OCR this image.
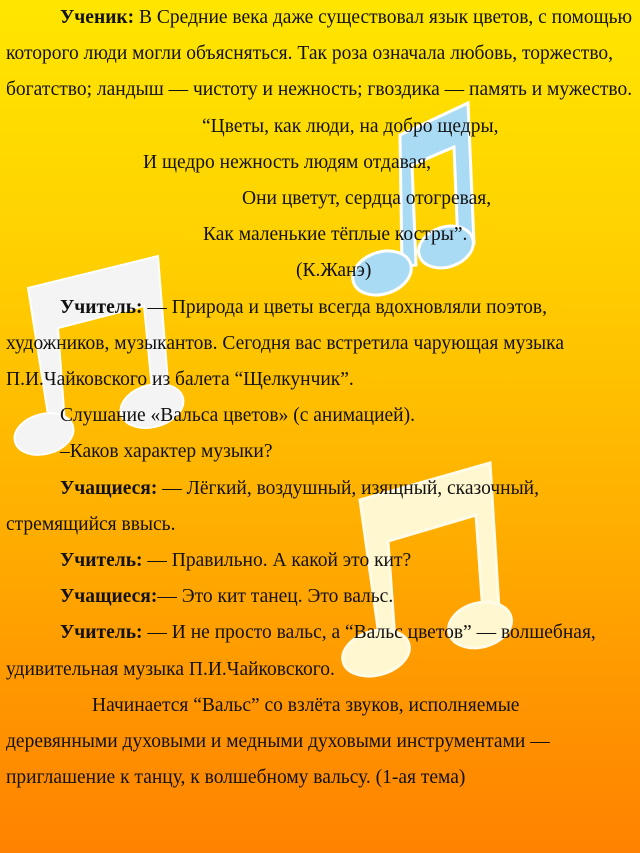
Ученик: В Средние века даже существовал язык цветов, с помощью которого люди могли объясняться. Так роза означала любовь, торжество, богатство; ландыш — чистоту и нежность; гвоздика — память и мужество.

“Цветы, как люди, на добро щедры,
И щедро нежность людям отдавая,
Они цветут, сердца отогревая,
Как маленькие тёплые костры”.
(К.Жанэ)

Учитель: — Природа и цветы всегда вдохновляли поэтов, художников, музыкантов. Сегодня вас встретила чарующая музыка П.И.Чайковского из балета “Щелкунчик”.

Слушание «Вальса цветов» (с анимацией).

–Каков характер музыки?

Учащиеся: — Лёгкий, воздушный, изящный, сказочный, стремящийся ввысь.

Учитель: — Правильно. А какой это кит?

Учащиеся:— Это кит танец. Это вальс.

Учитель: — И не просто вальс, а “Вальс цветов” — волшебная, удивительная музыка П.И.Чайковского.

Начинается “Вальс” со взлёта звуков, исполняемые деревянными духовыми и медными духовыми инструментами — приглашение к танцу, к волшебному вальсу. (1-ая тема)
